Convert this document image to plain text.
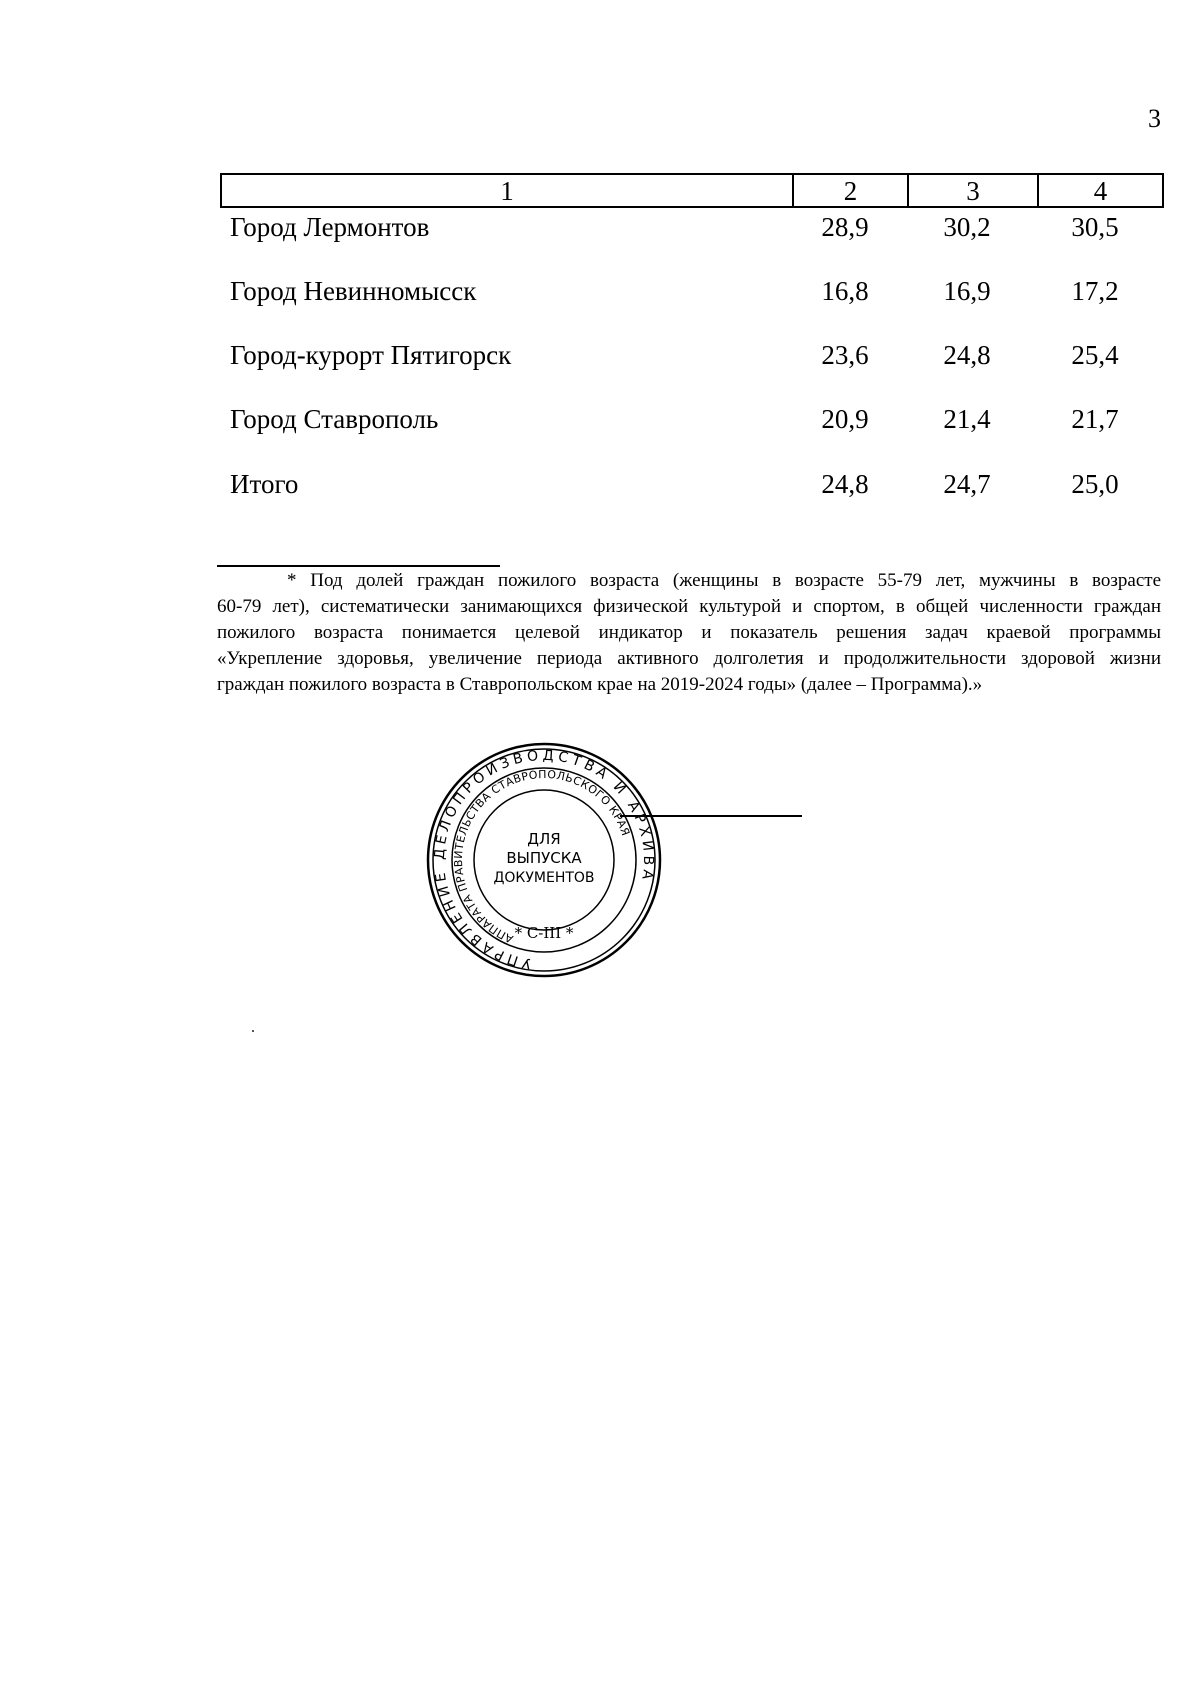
3
1	2	3	4
Город Лермонтов	28,9	30,2	30,5
Город Невинномысск	16,8	16,9	17,2
Город-курорт Пятигорск	23,6	24,8	25,4
Город Ставрополь	20,9	21,4	21,7
Итого	24,8	24,7	25,0
* Под долей граждан пожилого возраста (женщины в возрасте 55-79 лет, мужчины в возрасте
60-79 лет), систематически занимающихся физической культурой и спортом, в общей численности граждан
пожилого возраста понимается целевой индикатор и показатель решения задач краевой программы
«Укрепление здоровья, увеличение периода активного долголетия и продолжительности здоровой жизни
граждан пожилого возраста в Ставропольском крае на 2019-2024 годы» (далее – Программа).»
УПРАВЛЕНИЕ ДЕЛОПРОИЗВОДСТВА И АРХИВА
АППАРАТА ПРАВИТЕЛЬСТВА СТАВРОПОЛЬСКОГО КРАЯ
ДЛЯ
ВЫПУСКА
ДОКУМЕНТОВ
* С-III *
